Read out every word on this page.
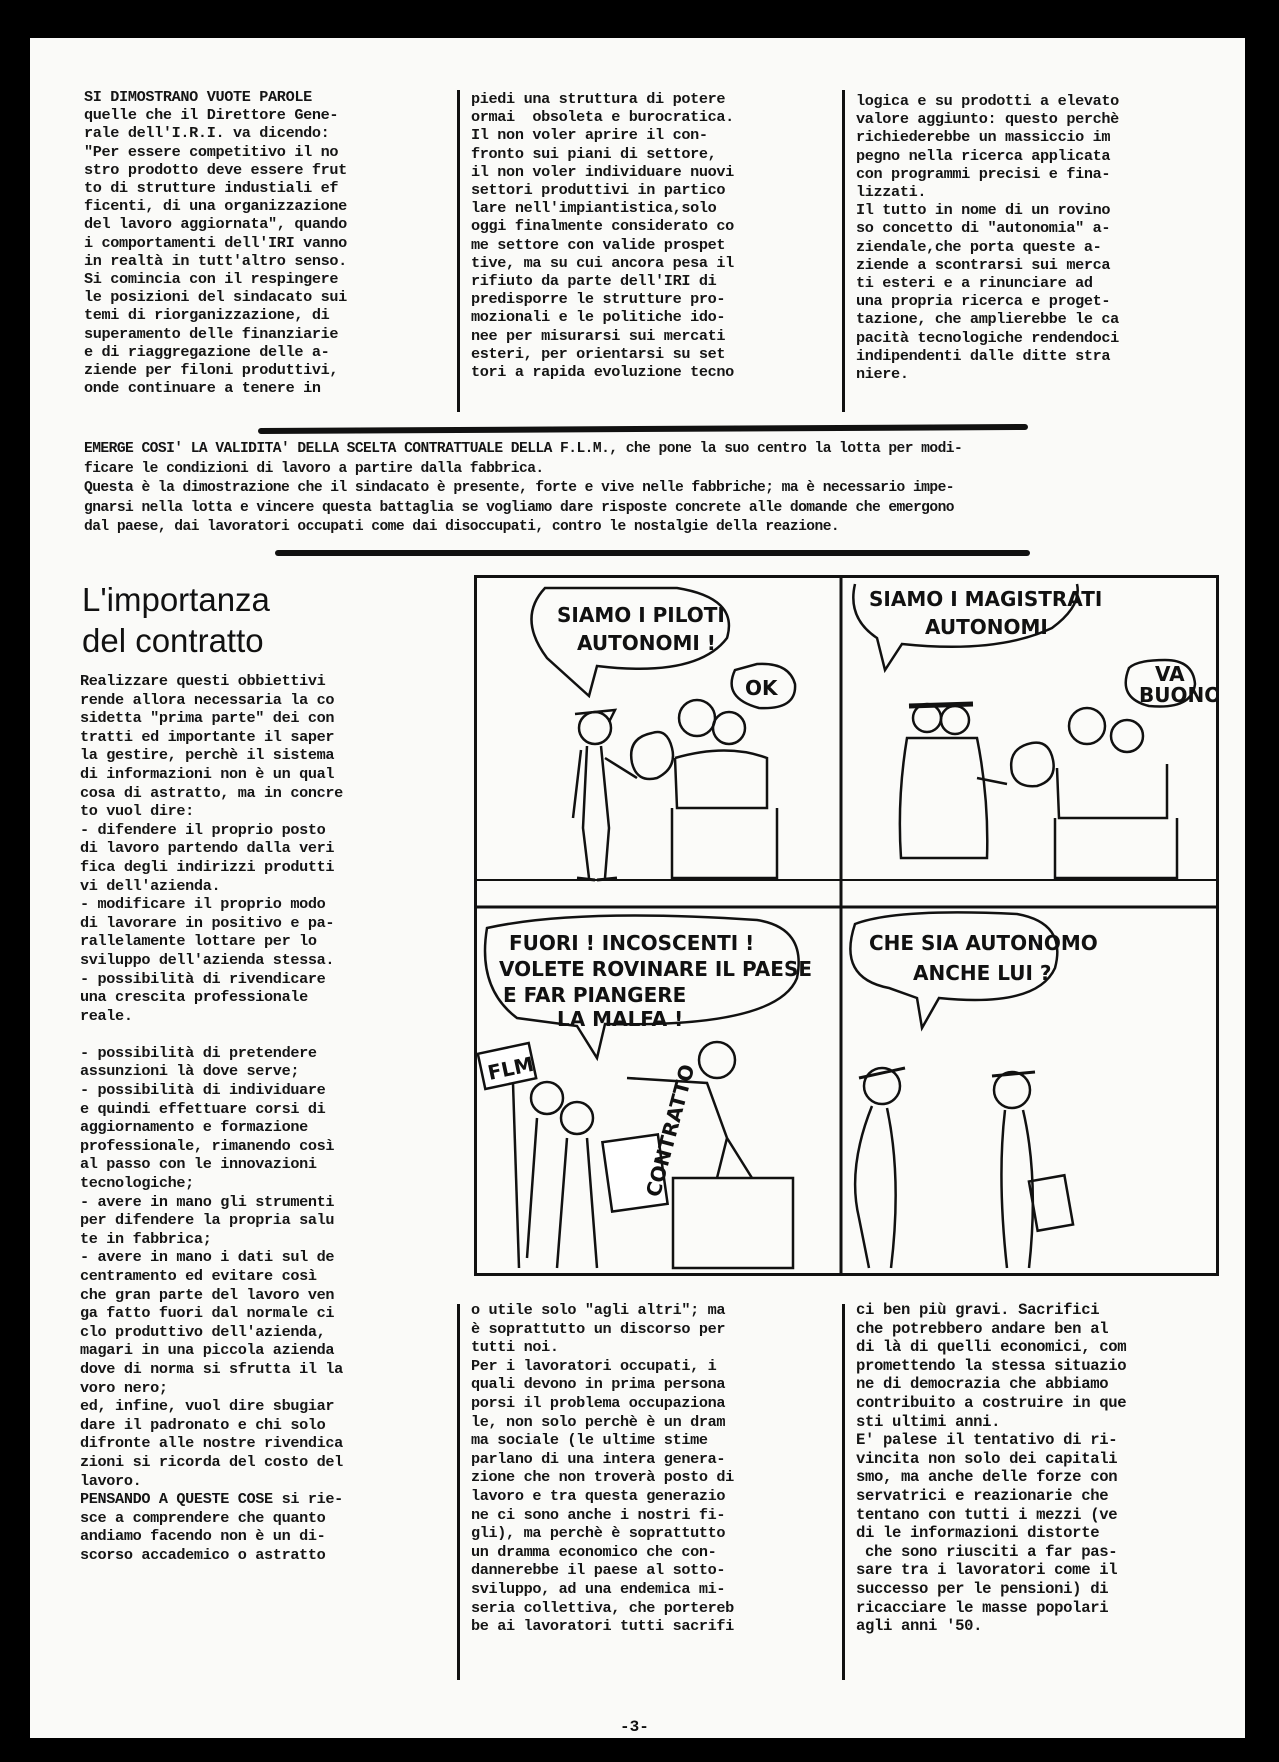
SI DIMOSTRANO VUOTE PAROLE
quelle che il Direttore Gene-
rale dell'I.R.I. va dicendo:
"Per essere competitivo il no
stro prodotto deve essere frut
to di strutture industiali ef
ficenti, di una organizzazione
del lavoro aggiornata", quando
i comportamenti dell'IRI vanno
in realtà in tutt'altro senso.
Si comincia con il respingere
le posizioni del sindacato sui
temi di riorganizzazione, di
superamento delle finanziarie
e di riaggregazione delle a-
ziende per filoni produttivi,
onde continuare a tenere in
piedi una struttura di potere
ormai  obsoleta e burocratica.
Il non voler aprire il con-
fronto sui piani di settore,
il non voler individuare nuovi
settori produttivi in partico
lare nell'impiantistica,solo
oggi finalmente considerato co
me settore con valide prospet
tive, ma su cui ancora pesa il
rifiuto da parte dell'IRI di
predisporre le strutture pro-
mozionali e le politiche ido-
nee per misurarsi sui mercati
esteri, per orientarsi su set
tori a rapida evoluzione tecno
logica e su prodotti a elevato
valore aggiunto: questo perchè
richiederebbe un massiccio im
pegno nella ricerca applicata
con programmi precisi e fina-
lizzati.
Il tutto in nome di un rovino
so concetto di "autonomia" a-
ziendale,che porta queste a-
ziende a scontrarsi sui merca
ti esteri e a rinunciare ad
una propria ricerca e proget-
tazione, che amplierebbe le ca
pacità tecnologiche rendendoci
indipendenti dalle ditte stra
niere.
EMERGE COSI' LA VALIDITA' DELLA SCELTA CONTRATTUALE DELLA F.L.M., che pone la suo centro la lotta per modi-
ficare le condizioni di lavoro a partire dalla fabbrica.
Questa è la dimostrazione che il sindacato è presente, forte e vive nelle fabbriche; ma è necessario impe-
gnarsi nella lotta e vincere questa battaglia se vogliamo dare risposte concrete alle domande che emergono
dal paese, dai lavoratori occupati come dai disoccupati, contro le nostalgie della reazione.
L'importanza
del contratto
Realizzare questi obbiettivi
rende allora necessaria la co
sidetta "prima parte" dei con
tratti ed importante il saper
la gestire, perchè il sistema
di informazioni non è un qual
cosa di astratto, ma in concre
to vuol dire:
- difendere il proprio posto
di lavoro partendo dalla veri
fica degli indirizzi produtti
vi dell'azienda.
- modificare il proprio modo
di lavorare in positivo e pa-
rallelamente lottare per lo
sviluppo dell'azienda stessa.
- possibilità di rivendicare
una crescita professionale
reale.

- possibilità di pretendere
assunzioni là dove serve;
- possibilità di individuare
e quindi effettuare corsi di
aggiornamento e formazione
professionale, rimanendo così
al passo con le innovazioni
tecnologiche;
- avere in mano gli strumenti
per difendere la propria salu
te in fabbrica;
- avere in mano i dati sul de
centramento ed evitare così
che gran parte del lavoro ven
ga fatto fuori dal normale ci
clo produttivo dell'azienda,
magari in una piccola azienda
dove di norma si sfrutta il la
voro nero;
ed, infine, vuol dire sbugiar
dare il padronato e chi solo
difronte alle nostre rivendica
zioni si ricorda del costo del
lavoro.
PENSANDO A QUESTE COSE si rie-
sce a comprendere che quanto
andiamo facendo non è un di-
scorso accademico o astratto
SIAMO I PILOTI
AUTONOMI !
OK
SIAMO I MAGISTRATI
AUTONOMI
VA
BUONO
FUORI ! INCOSCENTI !
VOLETE ROVINARE IL PAESE
E FAR PIANGERE
LA MALFA !
FLM	CONTRATTO
CHE SIA AUTONOMO
ANCHE LUI ?
o utile solo "agli altri"; ma
è soprattutto un discorso per
tutti noi.
Per i lavoratori occupati, i
quali devono in prima persona
porsi il problema occupaziona
le, non solo perchè è un dram
ma sociale (le ultime stime
parlano di una intera genera-
zione che non troverà posto di
lavoro e tra questa generazio
ne ci sono anche i nostri fi-
gli), ma perchè è soprattutto
un dramma economico che con-
dannerebbe il paese al sotto-
sviluppo, ad una endemica mi-
seria collettiva, che portereb
be ai lavoratori tutti sacrifi
ci ben più gravi. Sacrifici
che potrebbero andare ben al
di là di quelli economici, com
promettendo la stessa situazio
ne di democrazia che abbiamo
contribuito a costruire in que
sti ultimi anni.
E' palese il tentativo di ri-
vincita non solo dei capitali
smo, ma anche delle forze con
servatrici e reazionarie che
tentano con tutti i mezzi (ve
di le informazioni distorte
che sono riusciti a far pas-
sare tra i lavoratori come il
successo per le pensioni) di
ricacciare le masse popolari
agli anni '50.
-3-
